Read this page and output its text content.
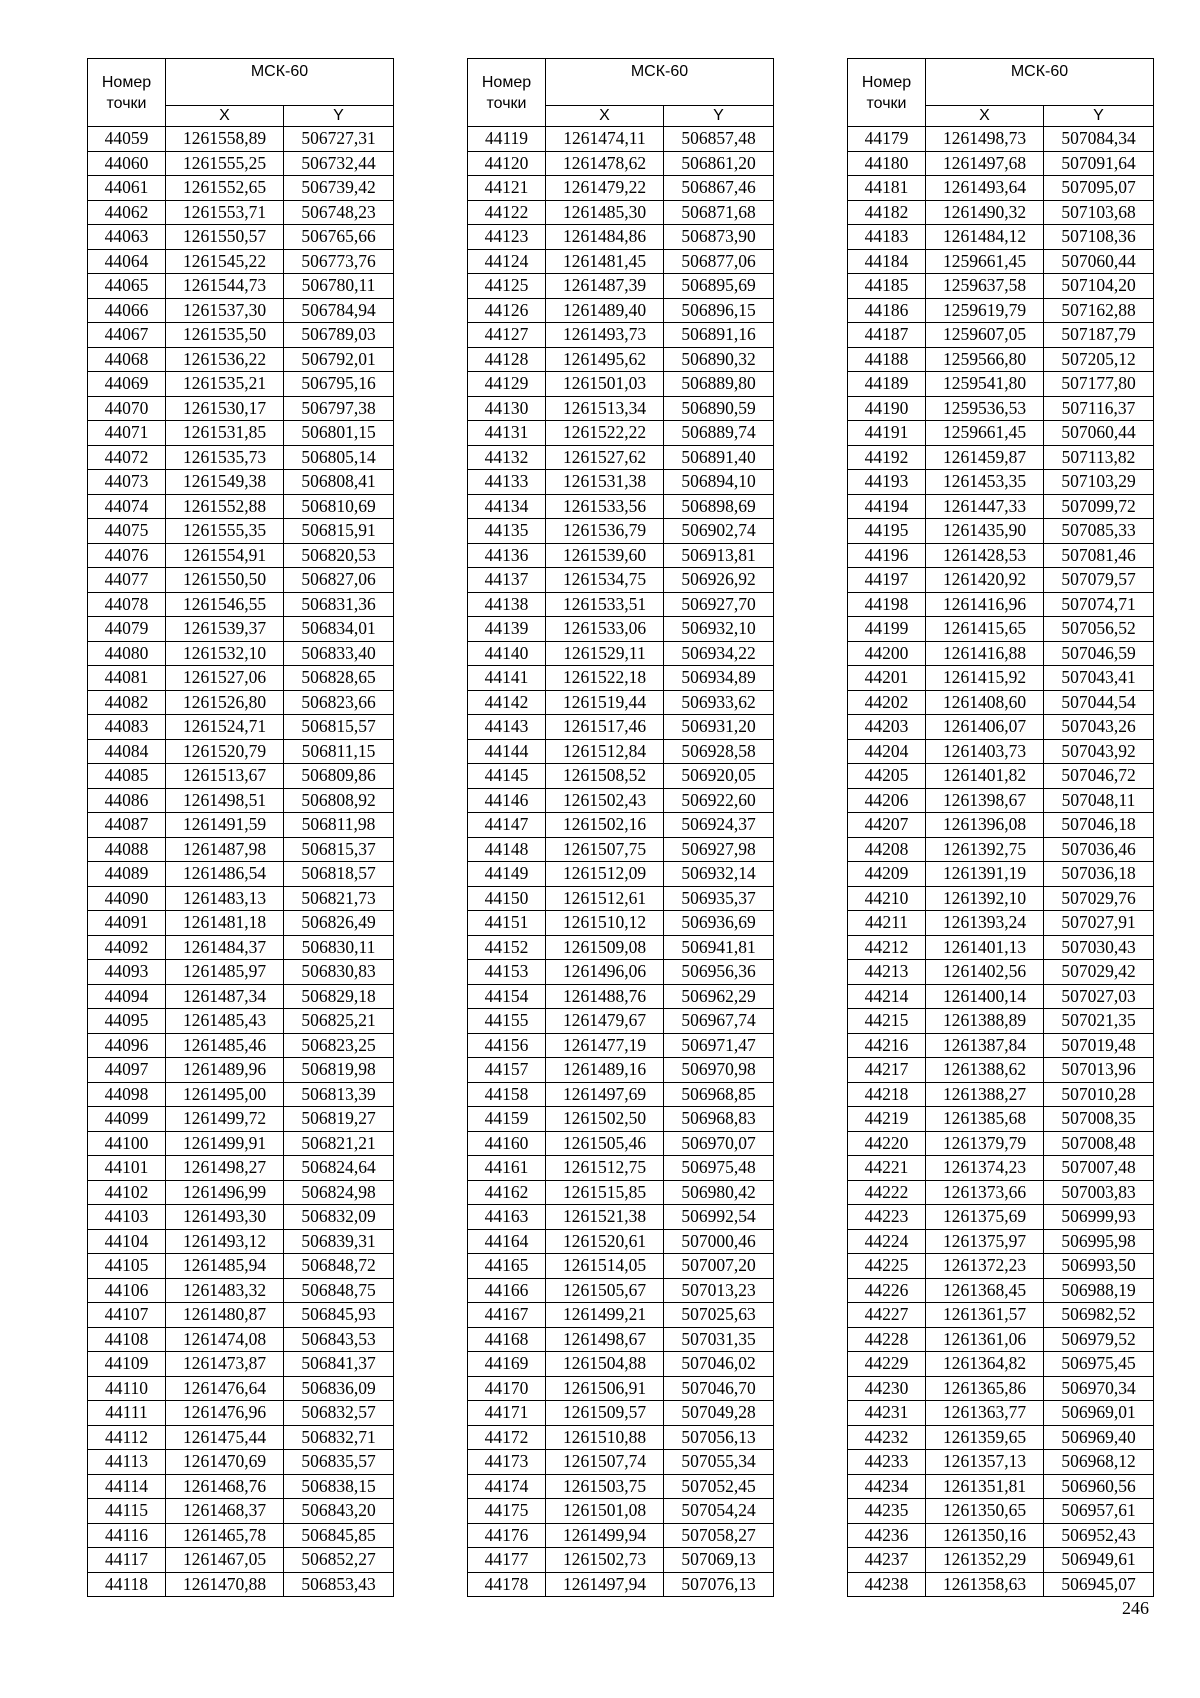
Номер точки	МСК-60	
	X	Y
44059	1261558,89	506727,31
44060	1261555,25	506732,44
44061	1261552,65	506739,42
44062	1261553,71	506748,23
44063	1261550,57	506765,66
44064	1261545,22	506773,76
44065	1261544,73	506780,11
44066	1261537,30	506784,94
44067	1261535,50	506789,03
44068	1261536,22	506792,01
44069	1261535,21	506795,16
44070	1261530,17	506797,38
44071	1261531,85	506801,15
44072	1261535,73	506805,14
44073	1261549,38	506808,41
44074	1261552,88	506810,69
44075	1261555,35	506815,91
44076	1261554,91	506820,53
44077	1261550,50	506827,06
44078	1261546,55	506831,36
44079	1261539,37	506834,01
44080	1261532,10	506833,40
44081	1261527,06	506828,65
44082	1261526,80	506823,66
44083	1261524,71	506815,57
44084	1261520,79	506811,15
44085	1261513,67	506809,86
44086	1261498,51	506808,92
44087	1261491,59	506811,98
44088	1261487,98	506815,37
44089	1261486,54	506818,57
44090	1261483,13	506821,73
44091	1261481,18	506826,49
44092	1261484,37	506830,11
44093	1261485,97	506830,83
44094	1261487,34	506829,18
44095	1261485,43	506825,21
44096	1261485,46	506823,25
44097	1261489,96	506819,98
44098	1261495,00	506813,39
44099	1261499,72	506819,27
44100	1261499,91	506821,21
44101	1261498,27	506824,64
44102	1261496,99	506824,98
44103	1261493,30	506832,09
44104	1261493,12	506839,31
44105	1261485,94	506848,72
44106	1261483,32	506848,75
44107	1261480,87	506845,93
44108	1261474,08	506843,53
44109	1261473,87	506841,37
44110	1261476,64	506836,09
44111	1261476,96	506832,57
44112	1261475,44	506832,71
44113	1261470,69	506835,57
44114	1261468,76	506838,15
44115	1261468,37	506843,20
44116	1261465,78	506845,85
44117	1261467,05	506852,27
44118	1261470,88	506853,43
Номер точки	МСК-60	
	X	Y
44119	1261474,11	506857,48
44120	1261478,62	506861,20
44121	1261479,22	506867,46
44122	1261485,30	506871,68
44123	1261484,86	506873,90
44124	1261481,45	506877,06
44125	1261487,39	506895,69
44126	1261489,40	506896,15
44127	1261493,73	506891,16
44128	1261495,62	506890,32
44129	1261501,03	506889,80
44130	1261513,34	506890,59
44131	1261522,22	506889,74
44132	1261527,62	506891,40
44133	1261531,38	506894,10
44134	1261533,56	506898,69
44135	1261536,79	506902,74
44136	1261539,60	506913,81
44137	1261534,75	506926,92
44138	1261533,51	506927,70
44139	1261533,06	506932,10
44140	1261529,11	506934,22
44141	1261522,18	506934,89
44142	1261519,44	506933,62
44143	1261517,46	506931,20
44144	1261512,84	506928,58
44145	1261508,52	506920,05
44146	1261502,43	506922,60
44147	1261502,16	506924,37
44148	1261507,75	506927,98
44149	1261512,09	506932,14
44150	1261512,61	506935,37
44151	1261510,12	506936,69
44152	1261509,08	506941,81
44153	1261496,06	506956,36
44154	1261488,76	506962,29
44155	1261479,67	506967,74
44156	1261477,19	506971,47
44157	1261489,16	506970,98
44158	1261497,69	506968,85
44159	1261502,50	506968,83
44160	1261505,46	506970,07
44161	1261512,75	506975,48
44162	1261515,85	506980,42
44163	1261521,38	506992,54
44164	1261520,61	507000,46
44165	1261514,05	507007,20
44166	1261505,67	507013,23
44167	1261499,21	507025,63
44168	1261498,67	507031,35
44169	1261504,88	507046,02
44170	1261506,91	507046,70
44171	1261509,57	507049,28
44172	1261510,88	507056,13
44173	1261507,74	507055,34
44174	1261503,75	507052,45
44175	1261501,08	507054,24
44176	1261499,94	507058,27
44177	1261502,73	507069,13
44178	1261497,94	507076,13
Номер точки	МСК-60	
	X	Y
44179	1261498,73	507084,34
44180	1261497,68	507091,64
44181	1261493,64	507095,07
44182	1261490,32	507103,68
44183	1261484,12	507108,36
44184	1259661,45	507060,44
44185	1259637,58	507104,20
44186	1259619,79	507162,88
44187	1259607,05	507187,79
44188	1259566,80	507205,12
44189	1259541,80	507177,80
44190	1259536,53	507116,37
44191	1259661,45	507060,44
44192	1261459,87	507113,82
44193	1261453,35	507103,29
44194	1261447,33	507099,72
44195	1261435,90	507085,33
44196	1261428,53	507081,46
44197	1261420,92	507079,57
44198	1261416,96	507074,71
44199	1261415,65	507056,52
44200	1261416,88	507046,59
44201	1261415,92	507043,41
44202	1261408,60	507044,54
44203	1261406,07	507043,26
44204	1261403,73	507043,92
44205	1261401,82	507046,72
44206	1261398,67	507048,11
44207	1261396,08	507046,18
44208	1261392,75	507036,46
44209	1261391,19	507036,18
44210	1261392,10	507029,76
44211	1261393,24	507027,91
44212	1261401,13	507030,43
44213	1261402,56	507029,42
44214	1261400,14	507027,03
44215	1261388,89	507021,35
44216	1261387,84	507019,48
44217	1261388,62	507013,96
44218	1261388,27	507010,28
44219	1261385,68	507008,35
44220	1261379,79	507008,48
44221	1261374,23	507007,48
44222	1261373,66	507003,83
44223	1261375,69	506999,93
44224	1261375,97	506995,98
44225	1261372,23	506993,50
44226	1261368,45	506988,19
44227	1261361,57	506982,52
44228	1261361,06	506979,52
44229	1261364,82	506975,45
44230	1261365,86	506970,34
44231	1261363,77	506969,01
44232	1261359,65	506969,40
44233	1261357,13	506968,12
44234	1261351,81	506960,56
44235	1261350,65	506957,61
44236	1261350,16	506952,43
44237	1261352,29	506949,61
44238	1261358,63	506945,07
246
